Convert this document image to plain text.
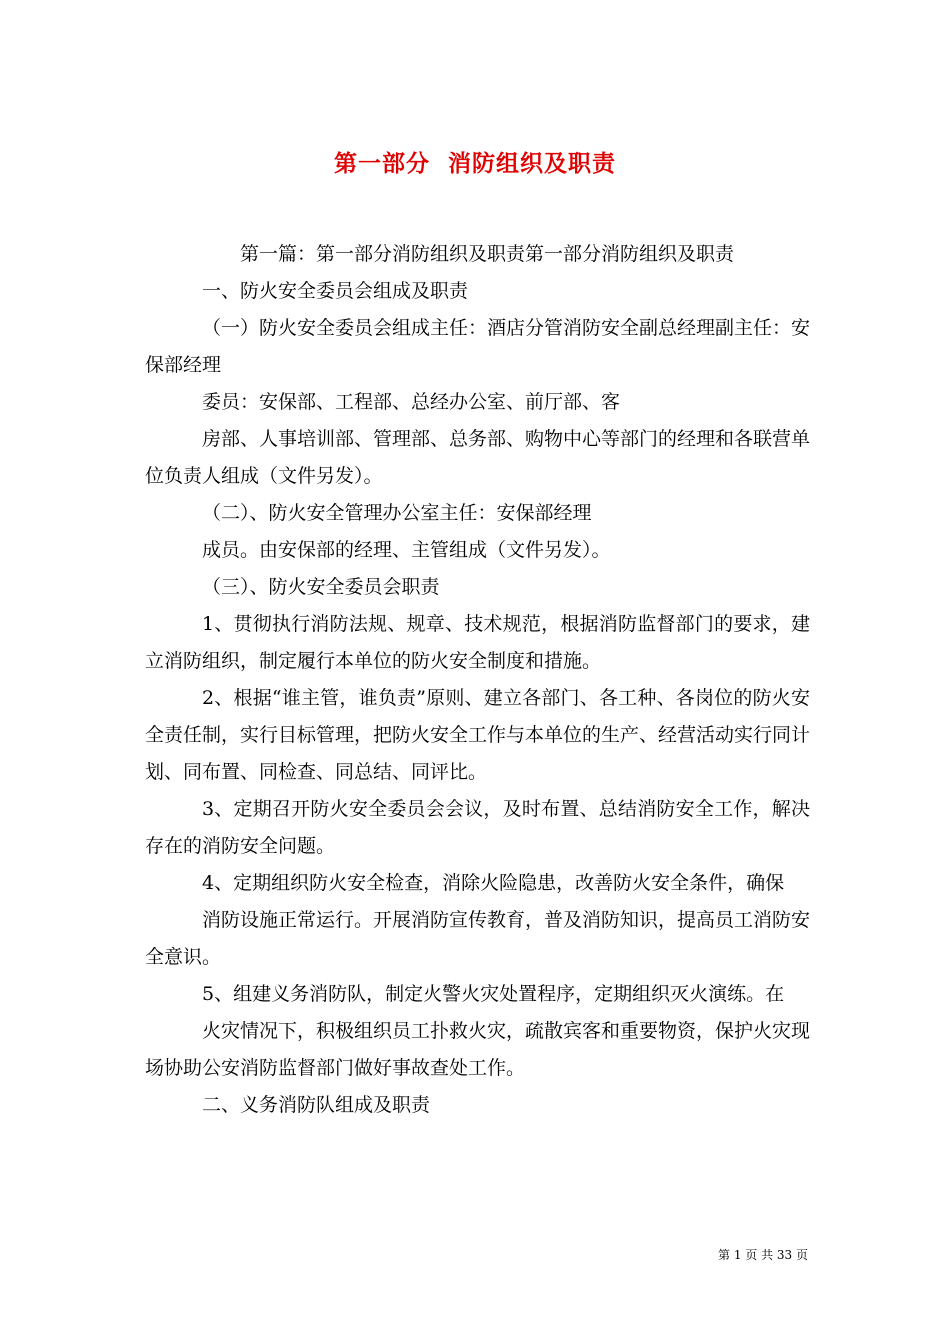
第一部分  消防组织及职责

第一篇：第一部分消防组织及职责第一部分消防组织及职责

一、防火安全委员会组成及职责

（一）防火安全委员会组成主任：酒店分管消防安全副总经理副主任：安保部经理

委员：安保部、工程部、总经办公室、前厅部、客

房部、人事培训部、管理部、总务部、购物中心等部门的经理和各联营单位负责人组成（文件另发）。

（二）、防火安全管理办公室主任：安保部经理

成员。由安保部的经理、主管组成（文件另发）。

（三）、防火安全委员会职责

1、贯彻执行消防法规、规章、技术规范，根据消防监督部门的要求，建立消防组织，制定履行本单位的防火安全制度和措施。

2、根据“谁主管，谁负责”原则、建立各部门、各工种、各岗位的防火安全责任制，实行目标管理，把防火安全工作与本单位的生产、经营活动实行同计划、同布置、同检查、同总结、同评比。

3、定期召开防火安全委员会会议，及时布置、总结消防安全工作，解决存在的消防安全问题。

4、定期组织防火安全检查，消除火险隐患，改善防火安全条件，确保

消防设施正常运行。开展消防宣传教育，普及消防知识，提高员工消防安全意识。

5、组建义务消防队，制定火警火灾处置程序，定期组织灭火演练。在

火灾情况下，积极组织员工扑救火灾，疏散宾客和重要物资，保护火灾现场协助公安消防监督部门做好事故查处工作。

二、义务消防队组成及职责

第 1 页 共 33 页
